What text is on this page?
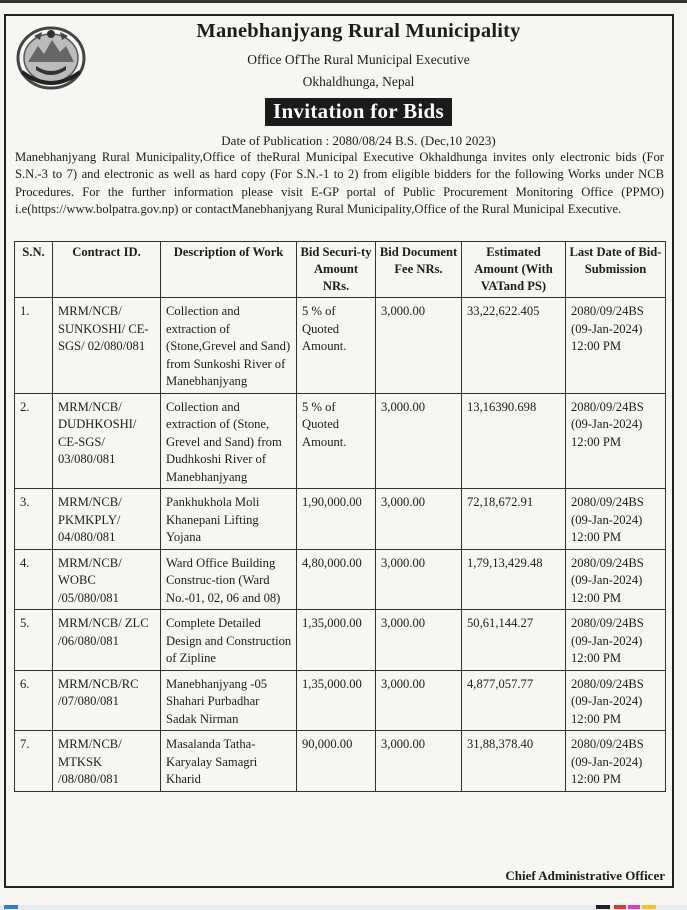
Manebhanjyang Rural Municipality
Office OfThe Rural Municipal Executive
Okhaldhunga, Nepal
Invitation for Bids
Date of Publication : 2080/08/24 B.S. (Dec,10 2023)
Manebhanjyang Rural Municipality,Office of theRural Municipal Executive Okhaldhunga invites only electronic bids (For S.N.-3 to 7) and electronic as well as hard copy (For S.N.-1 to 2) from eligible bidders for the following Works under NCB Procedures. For the further information please visit E-GP portal of Public Procurement Monitoring Office (PPMO) i.e(https://www.bolpatra.gov.np) or contactManebhanjyang Rural Municipality,Office of the Rural Municipal Executive.
S.N.	Contract ID.	Description of Work	Bid Securi-ty Amount NRs.	Bid Document Fee NRs.	Estimated Amount (With VATand PS)	Last Date of Bid-Submission
1.	MRM/NCB/ SUNKOSHI/ CE-SGS/ 02/080/081	Collection and extraction of (Stone,Grevel and Sand) from Sunkoshi River of Manebhanjyang	5 % of Quoted Amount.	3,000.00	33,22,622.405	2080/09/24BS (09-Jan-2024) 12:00 PM
2.	MRM/NCB/ DUDHKOSHI/ CE-SGS/ 03/080/081	Collection and extraction of (Stone, Grevel and Sand) from Dudhkoshi River of Manebhanjyang	5 % of Quoted Amount.	3,000.00	13,16390.698	2080/09/24BS (09-Jan-2024) 12:00 PM
3.	MRM/NCB/ PKMKPLY/ 04/080/081	Pankhukhola Moli Khanepani Lifting Yojana	1,90,000.00	3,000.00	72,18,672.91	2080/09/24BS (09-Jan-2024) 12:00 PM
4.	MRM/NCB/ WOBC /05/080/081	Ward Office Building Construc-tion (Ward No.-01, 02, 06 and 08)	4,80,000.00	3,000.00	1,79,13,429.48	2080/09/24BS (09-Jan-2024) 12:00 PM
5.	MRM/NCB/ ZLC /06/080/081	Complete Detailed Design and Construction of Zipline	1,35,000.00	3,000.00	50,61,144.27	2080/09/24BS (09-Jan-2024) 12:00 PM
6.	MRM/NCB/RC /07/080/081	Manebhanjyang -05 Shahari Purbadhar Sadak Nirman	1,35,000.00	3,000.00	4,877,057.77	2080/09/24BS (09-Jan-2024) 12:00 PM
7.	MRM/NCB/ MTKSK /08/080/081	Masalanda Tatha-Karyalay Samagri Kharid	90,000.00	3,000.00	31,88,378.40	2080/09/24BS (09-Jan-2024) 12:00 PM
Chief Administrative Officer
